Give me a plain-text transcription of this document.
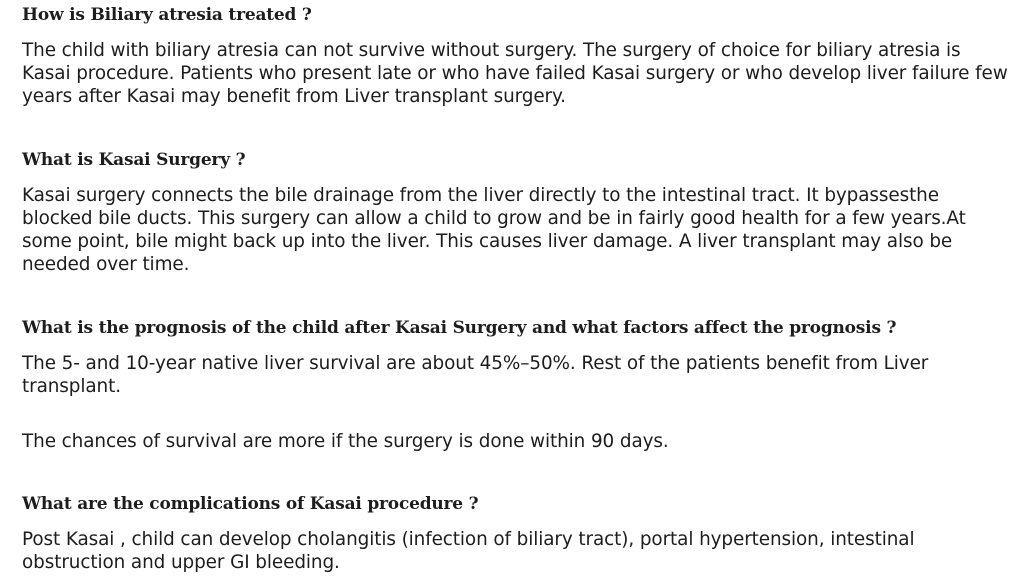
How is Biliary atresia treated ?

The child with biliary atresia can not survive without surgery. The surgery of choice for biliary atresia is Kasai procedure. Patients who present late or who have failed Kasai surgery or who develop liver failure few years after Kasai may benefit from Liver transplant surgery.

What is Kasai Surgery ?

Kasai surgery connects the bile drainage from the liver directly to the intestinal tract. It bypassesthe blocked bile ducts. This surgery can allow a child to grow and be in fairly good health for a few years.At some point, bile might back up into the liver. This causes liver damage. A liver transplant may also be needed over time.

What is the prognosis of the child after Kasai Surgery and what factors affect the prognosis ?

The 5- and 10-year native liver survival are about 45%–50%. Rest of the patients benefit from Liver transplant.

The chances of survival are more if the surgery is done within 90 days.

What are the complications of Kasai procedure ?

Post Kasai , child can develop cholangitis (infection of biliary tract), portal hypertension, intestinal obstruction and upper GI bleeding.
